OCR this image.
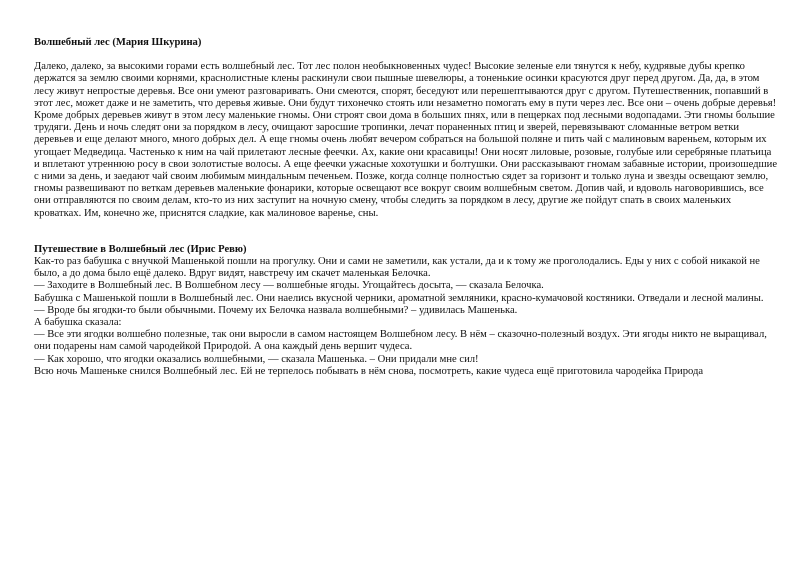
Волшебный лес (Мария Шкурина)

Далеко, далеко, за высокими горами есть волшебный лес. Тот лес полон необыкновенных чудес! Высокие зеленые ели тянутся к небу, кудрявые дубы крепко держатся за землю своими корнями, краснолистные клены раскинули свои пышные шевелюры, а тоненькие осинки красуются друг перед другом. Да, да, в этом лесу живут непростые деревья. Все они умеют разговаривать. Они смеются, спорят, беседуют или перешептываются друг с другом. Путешественник, попавший в этот лес, может даже и не заметить, что деревья живые. Они будут тихонечко стоять или незаметно помогать ему в пути через лес. Все они – очень добрые деревья!

Кроме добрых деревьев живут в этом лесу маленькие гномы. Они строят свои дома в больших пнях, или в пещерках под лесными водопадами. Эти гномы большие трудяги. День и ночь следят они за порядком в лесу, очищают заросшие тропинки, лечат пораненных птиц и зверей, перевязывают сломанные ветром ветки деревьев и еще делают много, много добрых дел. А еще гномы очень любят вечером собраться на большой поляне и пить чай с малиновым вареньем, которым их угощает Медведица. Частенько к ним на чай прилетают лесные феечки. Ах, какие они красавицы! Они носят лиловые, розовые, голубые или серебряные платьица и вплетают утреннюю росу в свои золотистые волосы. А еще феечки ужасные хохотушки и болтушки. Они рассказывают гномам забавные истории, произошедшие с ними за день, и заедают чай своим любимым миндальным печеньем. Позже, когда солнце полностью сядет за горизонт и только луна и звезды освещают землю, гномы развешивают по веткам деревьев маленькие фонарики, которые освещают все вокруг своим волшебным светом. Допив чай, и вдоволь наговорившись, все они отправляются по своим делам, кто-то из них заступит на ночную смену, чтобы следить за порядком в лесу, другие же пойдут спать в своих маленьких кроватках. Им, конечно же, приснятся сладкие, как малиновое варенье, сны.

Путешествие в Волшебный лес (Ирис Ревю)

Как-то раз бабушка с внучкой Машенькой пошли на прогулку. Они и сами не заметили, как устали, да и к тому же проголодались. Еды у них с собой никакой не было, а до дома было ещё далеко. Вдруг видят, навстречу им скачет маленькая Белочка.

— Заходите в Волшебный лес. В Волшебном лесу — волшебные ягоды. Угощайтесь досыта, — сказала Белочка.

Бабушка с Машенькой пошли в Волшебный лес. Они наелись вкусной черники, ароматной земляники, красно-кумачовой костяники. Отведали и лесной малины.

— Вроде бы ягодки-то были обычными. Почему их Белочка назвала волшебными? – удивилась Машенька.

А бабушка сказала:

— Все эти ягодки волшебно полезные, так они выросли в самом настоящем Волшебном лесу. В нём – сказочно-полезный воздух. Эти ягоды никто не выращивал, они подарены нам самой чародейкой Природой. А она каждый день вершит чудеса.

— Как хорошо, что ягодки оказались волшебными, — сказала Машенька. – Они придали мне сил!

Всю ночь Машеньке снился Волшебный лес. Ей не терпелось побывать в нём снова, посмотреть, какие чудеса ещё приготовила чародейка Природа
